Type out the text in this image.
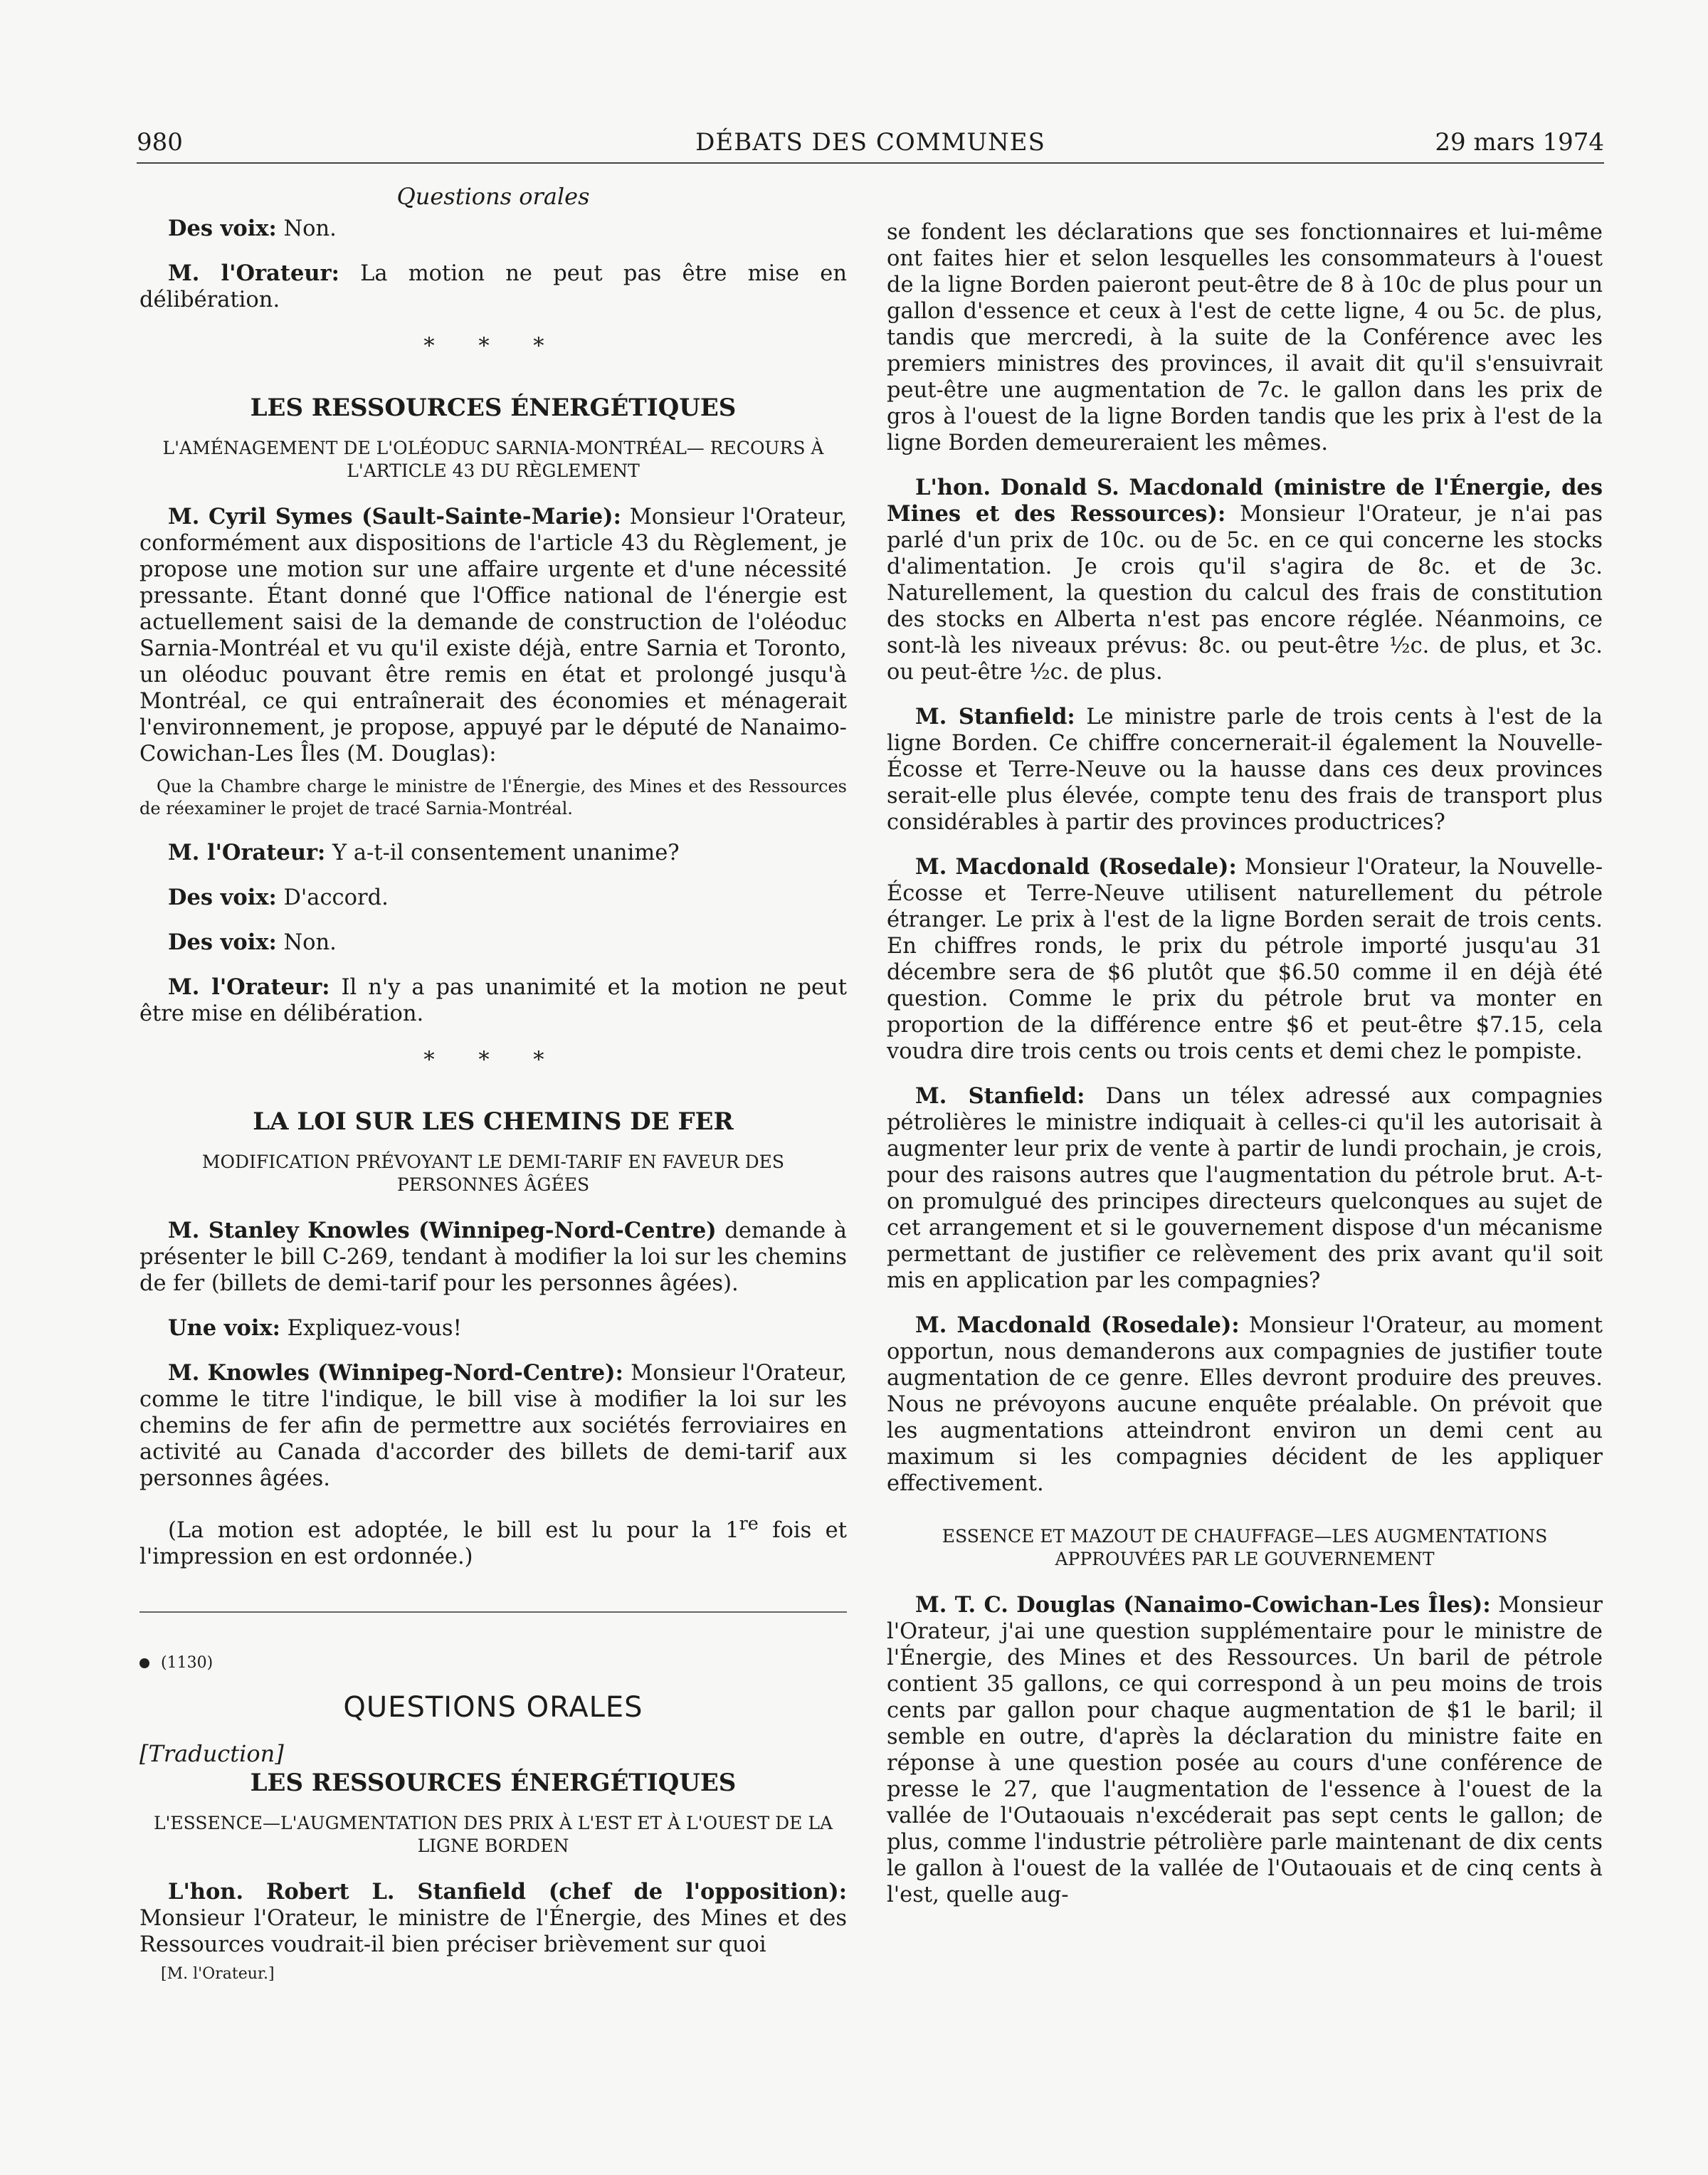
980	DÉBATS DES COMMUNES	29 mars 1974
Questions orales

Des voix: Non.

M. l'Orateur: La motion ne peut pas être mise en délibération.

* * *
LES RESSOURCES ÉNERGÉTIQUES
L'AMÉNAGEMENT DE L'OLÉODUC SARNIA-MONTRÉAL— RECOURS À L'ARTICLE 43 DU RÈGLEMENT

M. Cyril Symes (Sault-Sainte-Marie): Monsieur l'Orateur, conformément aux dispositions de l'article 43 du Règlement, je propose une motion sur une affaire urgente et d'une nécessité pressante. Étant donné que l'Office national de l'énergie est actuellement saisi de la demande de construction de l'oléoduc Sarnia-Montréal et vu qu'il existe déjà, entre Sarnia et Toronto, un oléoduc pouvant être remis en état et prolongé jusqu'à Montréal, ce qui entraînerait des économies et ménagerait l'environnement, je propose, appuyé par le député de Nanaimo-Cowichan-Les Îles (M. Douglas):

Que la Chambre charge le ministre de l'Énergie, des Mines et des Ressources de réexaminer le projet de tracé Sarnia-Montréal.

M. l'Orateur: Y a-t-il consentement unanime?

Des voix: D'accord.

Des voix: Non.

M. l'Orateur: Il n'y a pas unanimité et la motion ne peut être mise en délibération.

* * *
LA LOI SUR LES CHEMINS DE FER
MODIFICATION PRÉVOYANT LE DEMI-TARIF EN FAVEUR DES PERSONNES ÂGÉES

M. Stanley Knowles (Winnipeg-Nord-Centre) demande à présenter le bill C-269, tendant à modifier la loi sur les chemins de fer (billets de demi-tarif pour les personnes âgées).

Une voix: Expliquez-vous!

M. Knowles (Winnipeg-Nord-Centre): Monsieur l'Orateur, comme le titre l'indique, le bill vise à modifier la loi sur les chemins de fer afin de permettre aux sociétés ferroviaires en activité au Canada d'accorder des billets de demi-tarif aux personnes âgées.

(La motion est adoptée, le bill est lu pour la 1re fois et l'impression en est ordonnée.)

(1130)
QUESTIONS ORALES
[Traduction]
LES RESSOURCES ÉNERGÉTIQUES
L'ESSENCE—L'AUGMENTATION DES PRIX À L'EST ET À L'OUEST DE LA LIGNE BORDEN

L'hon. Robert L. Stanfield (chef de l'opposition): Monsieur l'Orateur, le ministre de l'Énergie, des Mines et des Ressources voudrait-il bien préciser brièvement sur quoi

[M. l'Orateur.]

se fondent les déclarations que ses fonctionnaires et lui-même ont faites hier et selon lesquelles les consommateurs à l'ouest de la ligne Borden paieront peut-être de 8 à 10c de plus pour un gallon d'essence et ceux à l'est de cette ligne, 4 ou 5c. de plus, tandis que mercredi, à la suite de la Conférence avec les premiers ministres des provinces, il avait dit qu'il s'ensuivrait peut-être une augmentation de 7c. le gallon dans les prix de gros à l'ouest de la ligne Borden tandis que les prix à l'est de la ligne Borden demeureraient les mêmes.

L'hon. Donald S. Macdonald (ministre de l'Énergie, des Mines et des Ressources): Monsieur l'Orateur, je n'ai pas parlé d'un prix de 10c. ou de 5c. en ce qui concerne les stocks d'alimentation. Je crois qu'il s'agira de 8c. et de 3c. Naturellement, la question du calcul des frais de constitution des stocks en Alberta n'est pas encore réglée. Néanmoins, ce sont-là les niveaux prévus: 8c. ou peut-être ½c. de plus, et 3c. ou peut-être ½c. de plus.

M. Stanfield: Le ministre parle de trois cents à l'est de la ligne Borden. Ce chiffre concernerait-il également la Nouvelle-Écosse et Terre-Neuve ou la hausse dans ces deux provinces serait-elle plus élevée, compte tenu des frais de transport plus considérables à partir des provinces productrices?

M. Macdonald (Rosedale): Monsieur l'Orateur, la Nouvelle-Écosse et Terre-Neuve utilisent naturellement du pétrole étranger. Le prix à l'est de la ligne Borden serait de trois cents. En chiffres ronds, le prix du pétrole importé jusqu'au 31 décembre sera de $6 plutôt que $6.50 comme il en déjà été question. Comme le prix du pétrole brut va monter en proportion de la différence entre $6 et peut-être $7.15, cela voudra dire trois cents ou trois cents et demi chez le pompiste.

M. Stanfield: Dans un télex adressé aux compagnies pétrolières le ministre indiquait à celles-ci qu'il les autorisait à augmenter leur prix de vente à partir de lundi prochain, je crois, pour des raisons autres que l'augmentation du pétrole brut. A-t-on promulgué des principes directeurs quelconques au sujet de cet arrangement et si le gouvernement dispose d'un mécanisme permettant de justifier ce relèvement des prix avant qu'il soit mis en application par les compagnies?

M. Macdonald (Rosedale): Monsieur l'Orateur, au moment opportun, nous demanderons aux compagnies de justifier toute augmentation de ce genre. Elles devront produire des preuves. Nous ne prévoyons aucune enquête préalable. On prévoit que les augmentations atteindront environ un demi cent au maximum si les compagnies décident de les appliquer effectivement.

ESSENCE ET MAZOUT DE CHAUFFAGE—LES AUGMENTATIONS APPROUVÉES PAR LE GOUVERNEMENT

M. T. C. Douglas (Nanaimo-Cowichan-Les Îles): Monsieur l'Orateur, j'ai une question supplémentaire pour le ministre de l'Énergie, des Mines et des Ressources. Un baril de pétrole contient 35 gallons, ce qui correspond à un peu moins de trois cents par gallon pour chaque augmentation de $1 le baril; il semble en outre, d'après la déclaration du ministre faite en réponse à une question posée au cours d'une conférence de presse le 27, que l'augmentation de l'essence à l'ouest de la vallée de l'Outaouais n'excéderait pas sept cents le gallon; de plus, comme l'industrie pétrolière parle maintenant de dix cents le gallon à l'ouest de la vallée de l'Outaouais et de cinq cents à l'est, quelle aug-
